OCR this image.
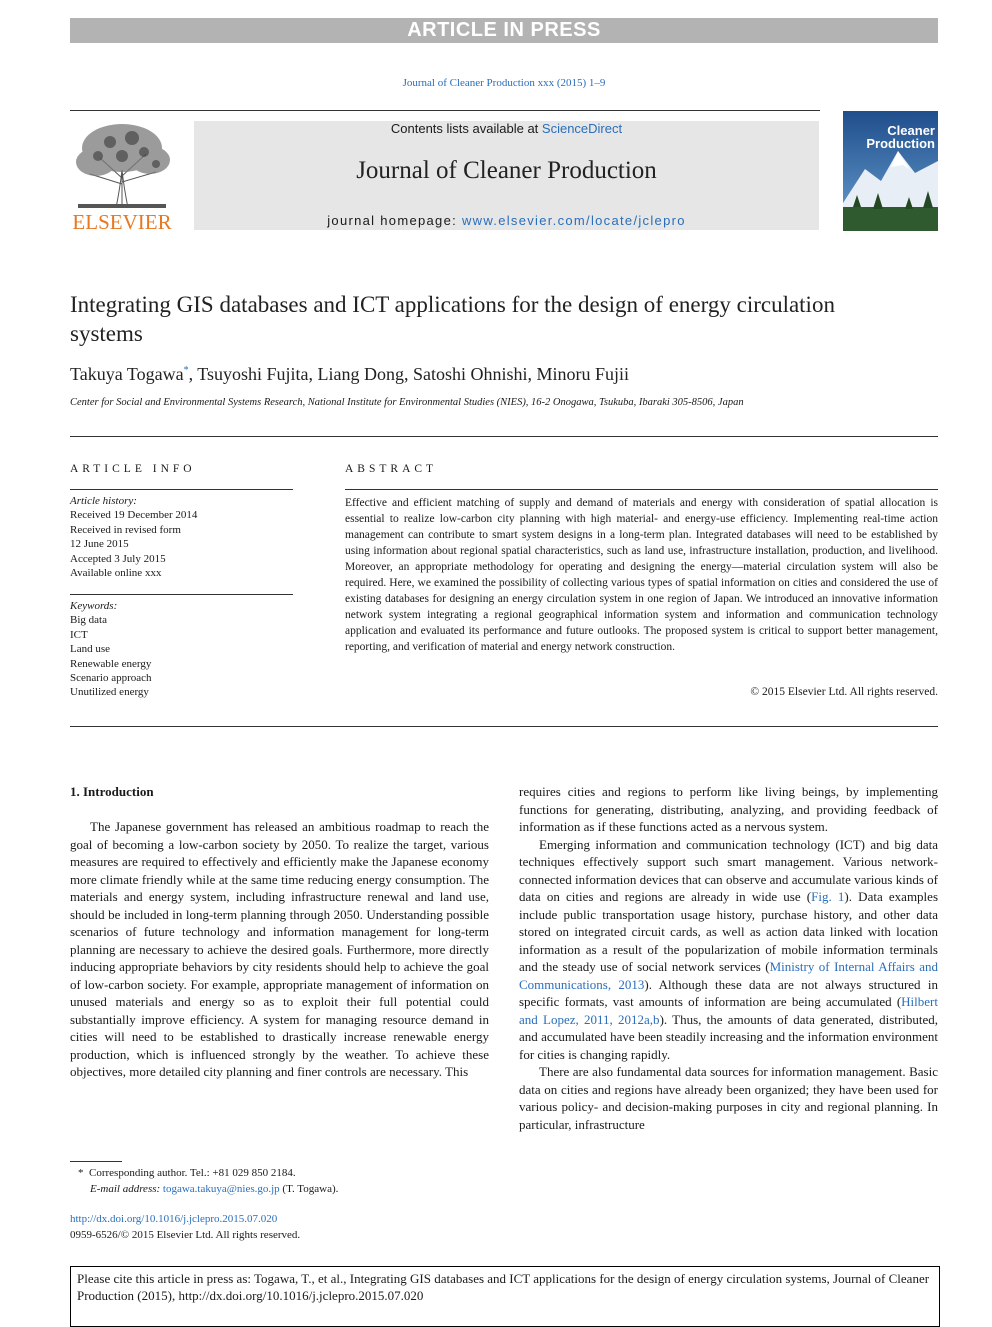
ARTICLE IN PRESS
Journal of Cleaner Production xxx (2015) 1–9
ELSEVIER
Contents lists available at ScienceDirect
Journal of Cleaner Production
journal homepage: www.elsevier.com/locate/jclepro
Cleaner
Production
Integrating GIS databases and ICT applications for the design of energy circulation systems
Takuya Togawa*, Tsuyoshi Fujita, Liang Dong, Satoshi Ohnishi, Minoru Fujii
Center for Social and Environmental Systems Research, National Institute for Environmental Studies (NIES), 16-2 Onogawa, Tsukuba, Ibaraki 305-8506, Japan
ARTICLE INFO	ABSTRACT
Article history:
Received 19 December 2014
Received in revised form
12 June 2015
Accepted 3 July 2015
Available online xxx
Keywords:
Big data
ICT
Land use
Renewable energy
Scenario approach
Unutilized energy
Effective and efficient matching of supply and demand of materials and energy with consideration of spatial allocation is essential to realize low-carbon city planning with high material- and energy-use efficiency. Implementing real-time action management can contribute to smart system designs in a long-term plan. Integrated databases will need to be established by using information about regional spatial characteristics, such as land use, infrastructure installation, production, and livelihood. Moreover, an appropriate methodology for operating and designing the energy—material circulation system will also be required. Here, we examined the possibility of collecting various types of spatial information on cities and considered the use of existing databases for designing an energy circulation system in one region of Japan. We introduced an innovative information network system integrating a regional geographical information system and information and communication technology application and evaluated its performance and future outlooks. The proposed system is critical to support better management, reporting, and verification of material and energy network construction.
© 2015 Elsevier Ltd. All rights reserved.
1. Introduction

The Japanese government has released an ambitious roadmap to reach the goal of becoming a low-carbon society by 2050. To realize the target, various measures are required to effectively and efficiently make the Japanese economy more climate friendly while at the same time reducing energy consumption. The materials and energy system, including infrastructure renewal and land use, should be included in long-term planning through 2050. Understanding possible scenarios of future technology and information management for long-term planning are necessary to achieve the desired goals. Furthermore, more directly inducing appropriate behaviors by city residents should help to achieve the goal of low-carbon society. For example, appropriate management of information on unused materials and energy so as to exploit their full potential could substantially improve efficiency. A system for managing resource demand in cities will need to be established to drastically increase renewable energy production, which is influenced strongly by the weather. To achieve these objectives, more detailed city planning and finer controls are necessary. This

requires cities and regions to perform like living beings, by implementing functions for generating, distributing, analyzing, and providing feedback of information as if these functions acted as a nervous system.

Emerging information and communication technology (ICT) and big data techniques effectively support such smart management. Various network-connected information devices that can observe and accumulate various kinds of data on cities and regions are already in wide use (Fig. 1). Data examples include public transportation usage history, purchase history, and other data stored on integrated circuit cards, as well as action data linked with location information as a result of the popularization of mobile information terminals and the steady use of social network services (Ministry of Internal Affairs and Communications, 2013). Although these data are not always structured in specific formats, vast amounts of information are being accumulated (Hilbert and Lopez, 2011, 2012a,b). Thus, the amounts of data generated, distributed, and accumulated have been steadily increasing and the information environment for cities is changing rapidly.

There are also fundamental data sources for information management. Basic data on cities and regions have already been organized; they have been used for various policy- and decision-making purposes in city and regional planning. In particular, infrastructure

* Corresponding author. Tel.: +81 029 850 2184.
E-mail address: togawa.takuya@nies.go.jp (T. Togawa).
http://dx.doi.org/10.1016/j.jclepro.2015.07.020
0959-6526/© 2015 Elsevier Ltd. All rights reserved.
Please cite this article in press as: Togawa, T., et al., Integrating GIS databases and ICT applications for the design of energy circulation systems, Journal of Cleaner Production (2015), http://dx.doi.org/10.1016/j.jclepro.2015.07.020
